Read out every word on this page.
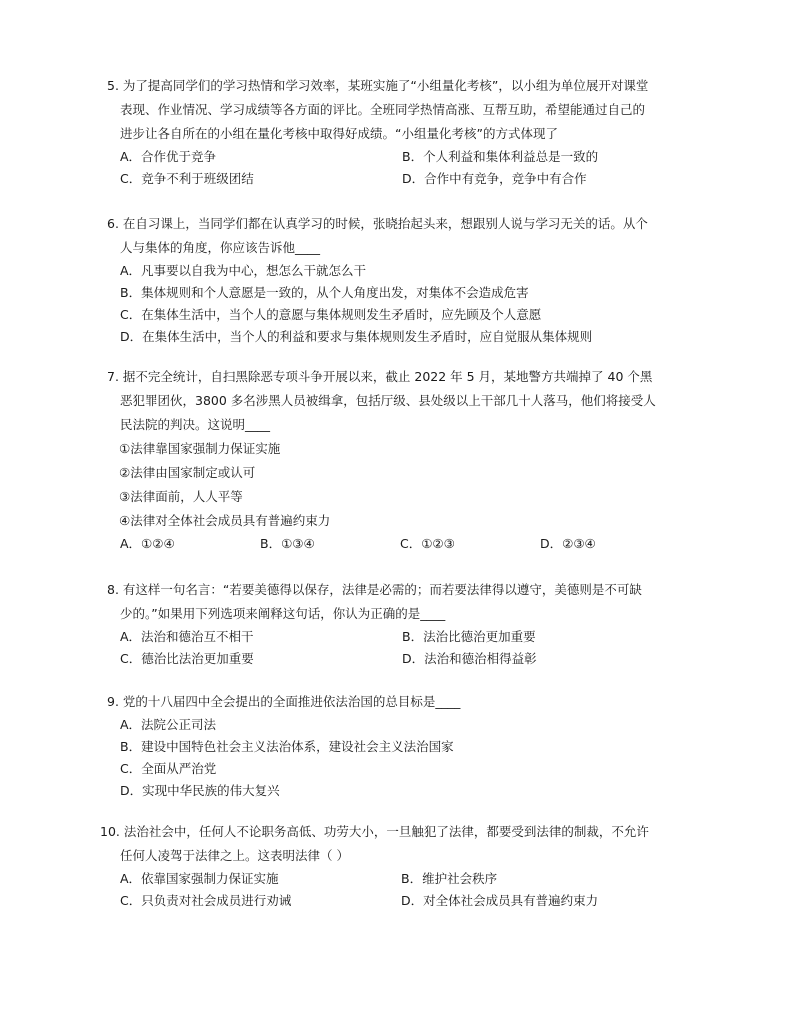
5. 为了提高同学们的学习热情和学习效率，某班实施了“小组量化考核”，以小组为单位展开对课堂

表现、作业情况、学习成绩等各方面的评比。全班同学热情高涨、互帮互助，希望能通过自己的

进步让各自所在的小组在量化考核中取得好成绩。“小组量化考核”的方式体现了

A．合作优于竞争	B．个人利益和集体利益总是一致的
C．竞争不利于班级团结	D．合作中有竞争，竞争中有合作

6. 在自习课上，当同学们都在认真学习的时候，张晓抬起头来，想跟别人说与学习无关的话。从个

人与集体的角度，你应该告诉他____

A．凡事要以自我为中心，想怎么干就怎么干
B．集体规则和个人意愿是一致的，从个人角度出发，对集体不会造成危害
C．在集体生活中，当个人的意愿与集体规则发生矛盾时，应先顾及个人意愿
D．在集体生活中，当个人的利益和要求与集体规则发生矛盾时，应自觉服从集体规则

7. 据不完全统计，自扫黑除恶专项斗争开展以来，截止 2022 年 5 月，某地警方共端掉了 40 个黑

恶犯罪团伙，3800 多名涉黑人员被缉拿，包括厅级、县处级以上干部几十人落马，他们将接受人

民法院的判决。这说明____

①法律靠国家强制力保证实施
②法律由国家制定或认可
③法律面前，人人平等
④法律对全体社会成员具有普遍约束力
A．①②④	B．①③④	C．①②③	D．②③④

8. 有这样一句名言：“若要美德得以保存，法律是必需的；而若要法律得以遵守，美德则是不可缺

少的。”如果用下列选项来阐释这句话，你认为正确的是____

A．法治和德治互不相干	B．法治比德治更加重要
C．德治比法治更加重要	D．法治和德治相得益彰

9. 党的十八届四中全会提出的全面推进依法治国的总目标是____

A．法院公正司法
B．建设中国特色社会主义法治体系，建设社会主义法治国家
C．全面从严治党
D．实现中华民族的伟大复兴

10. 法治社会中，任何人不论职务高低、功劳大小，一旦触犯了法律，都要受到法律的制裁，不允许

任何人凌驾于法律之上。这表明法律（ ）

A．依靠国家强制力保证实施	B．维护社会秩序
C．只负责对社会成员进行劝诫	D．对全体社会成员具有普遍约束力
